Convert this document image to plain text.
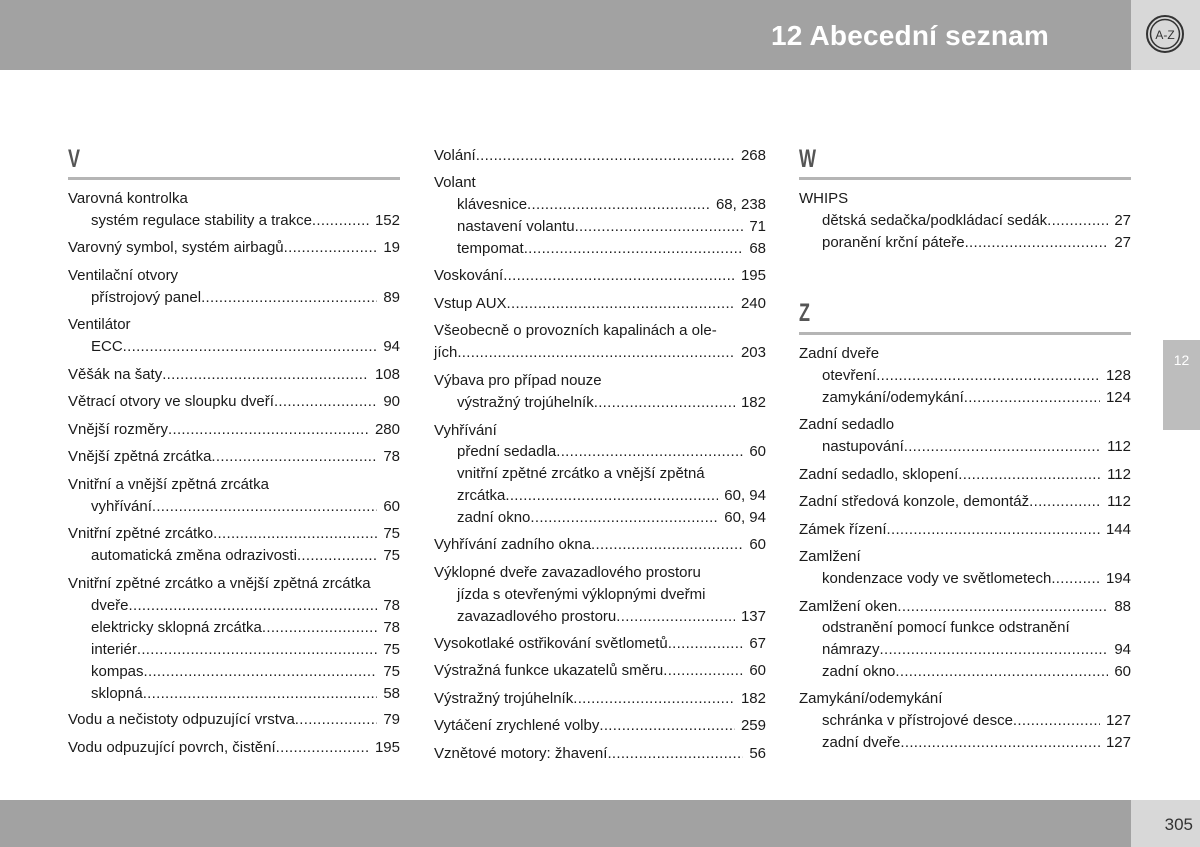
12 Abecední seznam	A-Z
12
V
Varovná kontrolka
systém regulace stability a trakce .....	152
Varovný symbol, systém airbagů .....	19
Ventilační otvory
přístrojový panel .....	89
Ventilátor
ECC .....	94
Věšák na šaty .....	108
Větrací otvory ve sloupku dveří .....	90
Vnější rozměry .....	280
Vnější zpětná zrcátka .....	78
Vnitřní a vnější zpětná zrcátka
vyhřívání .....	60
Vnitřní zpětné zrcátko .....	75
automatická změna odrazivosti .....	75
Vnitřní zpětné zrcátko a vnější zpětná zrcátka
dveře .....	78
elektricky sklopná zrcátka .....	78
interiér .....	75
kompas .....	75
sklopná .....	58
Vodu a nečistoty odpuzující vrstva .....	79
Vodu odpuzující povrch, čistění .....	195
Volání .....	268
Volant
klávesnice .....	68, 238
nastavení volantu .....	71
tempomat .....	68
Voskování .....	195
Vstup AUX .....	240
Všeobecně o provozních kapalinách a ole-
jích .....	203
Výbava pro případ nouze
výstražný trojúhelník .....	182
Vyhřívání
přední sedadla .....	60
vnitřní zpětné zrcátko a vnější zpětná
zrcátka .....	60, 94
zadní okno .....	60, 94
Vyhřívání zadního okna .....	60
Výklopné dveře zavazadlového prostoru
jízda s otevřenými výklopnými dveřmi
zavazadlového prostoru .....	137
Vysokotlaké ostřikování světlometů .....	67
Výstražná funkce ukazatelů směru .....	60
Výstražný trojúhelník .....	182
Vytáčení zrychlené volby .....	259
Vznětové motory: žhavení .....	56
W
Z
WHIPS
dětská sedačka/podkládací sedák .....	27
poranění krční páteře .....	27
Zadní dveře
otevření .....	128
zamykání/odemykání .....	124
Zadní sedadlo
nastupování .....	112
Zadní sedadlo, sklopení .....	112
Zadní středová konzole, demontáž .....	112
Zámek řízení .....	144
Zamlžení
kondenzace vody ve světlometech .....	194
Zamlžení oken .....	88
odstranění pomocí funkce odstranění
námrazy .....	94
zadní okno .....	60
Zamykání/odemykání
schránka v přístrojové desce .....	127
zadní dveře .....	127
305
